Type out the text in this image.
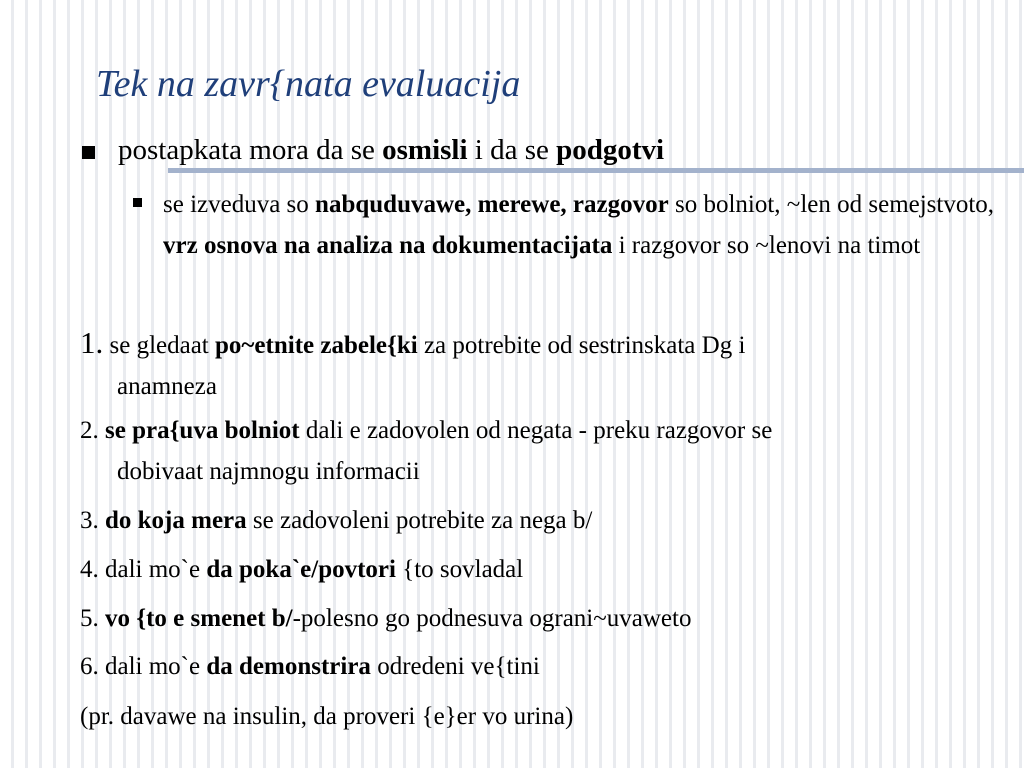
Tek na zavr{nata evaluacija
postapkata mora da se osmisli i da se podgotvi
se izveduva so nabquduvawe, merewe, razgovor so bolniot, ~len od semejstvoto, vrz osnova na analiza na dokumentacijata i razgovor so ~lenovi na timot
1. se gledaat po~etnite zabele{ki za potrebite od sestrinskata Dg i
anamneza
2. se pra{uva bolniot dali e zadovolen od negata - preku razgovor se
dobivaat najmnogu informacii
3. do koja mera se zadovoleni potrebite za nega b/
4. dali mo`e da poka`e/povtori {to sovladal
5. vo {to e smenet b/-polesno go podnesuva ograni~uvaweto
6. dali mo`e da demonstrira odredeni ve{tini
(pr. davawe na insulin, da proveri {e}er vo urina)
